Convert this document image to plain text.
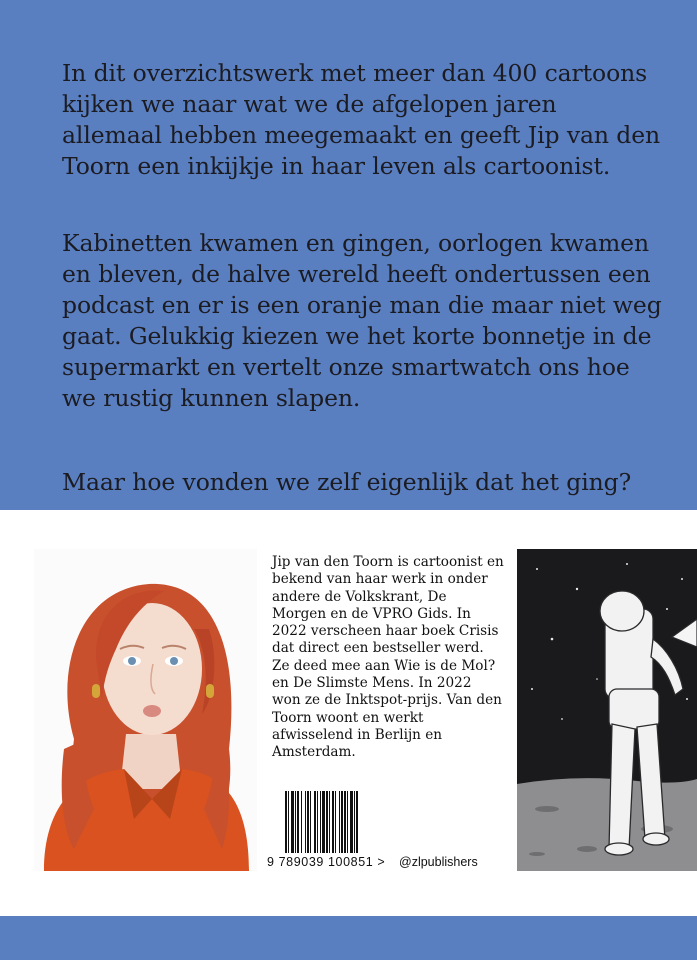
In dit overzichtswerk met meer dan 400 cartoons kijken we naar wat we de afgelopen jaren allemaal hebben meegemaakt en geeft Jip van den Toorn een inkijkje in haar leven als cartoonist.

Kabinetten kwamen en gingen, oorlogen kwamen en bleven, de halve wereld heeft ondertussen een podcast en er is een oranje man die maar niet weg gaat. Gelukkig kiezen we het korte bonnetje in de supermarkt en vertelt onze smartwatch ons hoe we rustig kunnen slapen.

Maar hoe vonden we zelf eigenlijk dat het ging?

Jip van den Toorn is cartoonist en bekend van haar werk in onder andere de Volkskrant, De Morgen en de VPRO Gids. In 2022 verscheen haar boek Crisis dat direct een bestseller werd. Ze deed mee aan Wie is de Mol? en De Slimste Mens. In 2022 won ze de Inktspot-prijs. Van den Toorn woont en werkt afwisselend in Berlijn en Amsterdam.

9 789039 100851 > @zlpublishers
